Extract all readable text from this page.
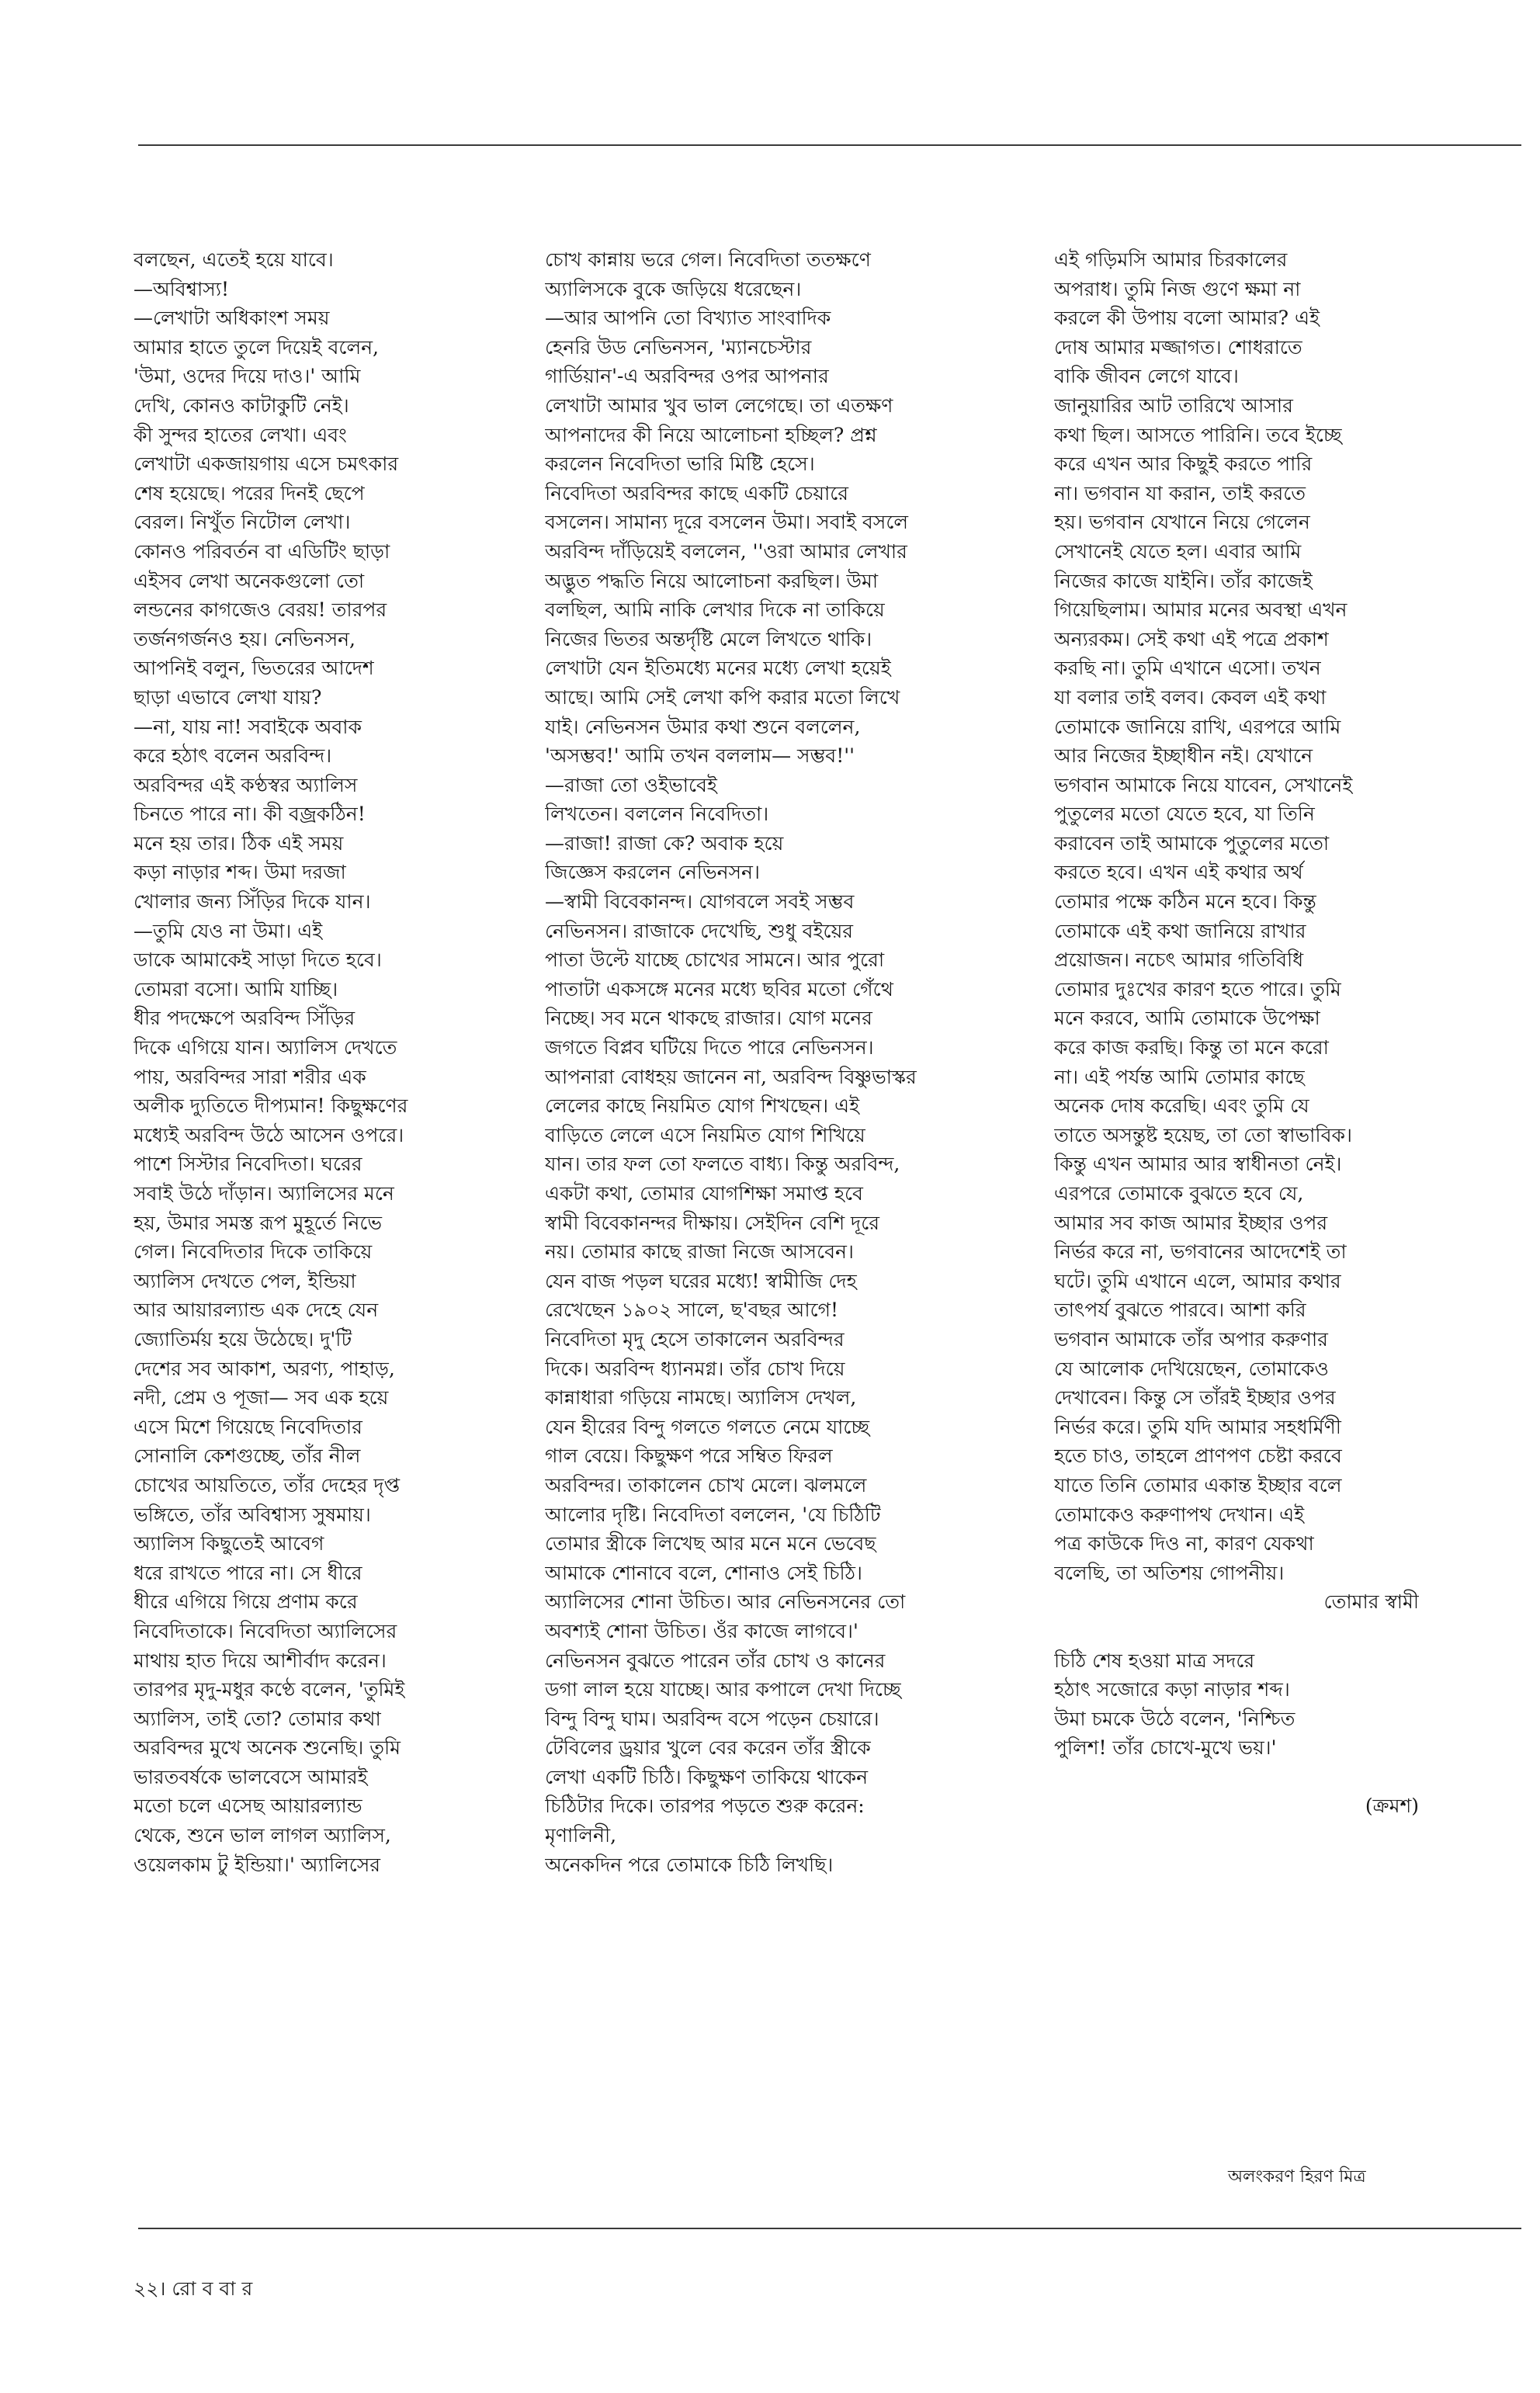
বলছেন, এতেই হয়ে যাবে।
—অবিশ্বাস্য!
—লেখাটা অধিকাংশ সময়
আমার হাতে তুলে দিয়েই বলেন,
'উমা, ওদের দিয়ে দাও।' আমি
দেখি, কোনও কাটাকুটি নেই।
কী সুন্দর হাতের লেখা। এবং
লেখাটা একজায়গায় এসে চমৎকার
শেষ হয়েছে। পরের দিনই ছেপে
বেরল। নিখুঁত নিটোল লেখা।
কোনও পরিবর্তন বা এডিটিং ছাড়া
এইসব লেখা অনেকগুলো তো
লন্ডনের কাগজেও বেরয়! তারপর
তর্জনগর্জনও হয়। নেভিনসন,
আপনিই বলুন, ভিতরের আদেশ
ছাড়া এভাবে লেখা যায়?
—না, যায় না! সবাইকে অবাক
করে হঠাৎ বলেন অরবিন্দ।
অরবিন্দর এই কণ্ঠস্বর অ্যালিস
চিনতে পারে না। কী বজ্রকঠিন!
মনে হয় তার। ঠিক এই সময়
কড়া নাড়ার শব্দ। উমা দরজা
খোলার জন্য সিঁড়ির দিকে যান।
—তুমি যেও না উমা। এই
ডাকে আমাকেই সাড়া দিতে হবে।
তোমরা বসো। আমি যাচ্ছি।
ধীর পদক্ষেপে অরবিন্দ সিঁড়ির
দিকে এগিয়ে যান। অ্যালিস দেখতে
পায়, অরবিন্দর সারা শরীর এক
অলীক দ্যুতিতে দীপ্যমান! কিছুক্ষণের
মধ্যেই অরবিন্দ উঠে আসেন ওপরে।
পাশে সিস্টার নিবেদিতা। ঘরের
সবাই উঠে দাঁড়ান। অ্যালিসের মনে
হয়, উমার সমস্ত রূপ মুহূর্তে নিভে
গেল। নিবেদিতার দিকে তাকিয়ে
অ্যালিস দেখতে পেল, ইন্ডিয়া
আর আয়ারল্যান্ড এক দেহে যেন
জ্যোতির্ময় হয়ে উঠেছে। দু'টি
দেশের সব আকাশ, অরণ্য, পাহাড়,
নদী, প্রেম ও পূজা— সব এক হয়ে
এসে মিশে গিয়েছে নিবেদিতার
সোনালি কেশগুচ্ছে, তাঁর নীল
চোখের আয়তিতে, তাঁর দেহের দৃপ্ত
ভঙ্গিতে, তাঁর অবিশ্বাস্য সুষমায়।
অ্যালিস কিছুতেই আবেগ
ধরে রাখতে পারে না। সে ধীরে
ধীরে এগিয়ে গিয়ে প্রণাম করে
নিবেদিতাকে। নিবেদিতা অ্যালিসের
মাথায় হাত দিয়ে আশীর্বাদ করেন।
তারপর মৃদু-মধুর কণ্ঠে বলেন, 'তুমিই
অ্যালিস, তাই তো? তোমার কথা
অরবিন্দর মুখে অনেক শুনেছি। তুমি
ভারতবর্ষকে ভালবেসে আমারই
মতো চলে এসেছ আয়ারল্যান্ড
থেকে, শুনে ভাল লাগল অ্যালিস,
ওয়েলকাম টু ইন্ডিয়া।' অ্যালিসের
চোখ কান্নায় ভরে গেল। নিবেদিতা ততক্ষণে
অ্যালিসকে বুকে জড়িয়ে ধরেছেন।
—আর আপনি তো বিখ্যাত সাংবাদিক
হেনরি উড নেভিনসন, 'ম্যানচেস্টার
গার্ডিয়ান'-এ অরবিন্দর ওপর আপনার
লেখাটা আমার খুব ভাল লেগেছে। তা এতক্ষণ
আপনাদের কী নিয়ে আলোচনা হচ্ছিল? প্রশ্ন
করলেন নিবেদিতা ভারি মিষ্টি হেসে।
নিবেদিতা অরবিন্দর কাছে একটি চেয়ারে
বসলেন। সামান্য দূরে বসলেন উমা। সবাই বসলে
অরবিন্দ দাঁড়িয়েই বললেন, ''ওরা আমার লেখার
অদ্ভুত পদ্ধতি নিয়ে আলোচনা করছিল। উমা
বলছিল, আমি নাকি লেখার দিকে না তাকিয়ে
নিজের ভিতর অন্তর্দৃষ্টি মেলে লিখতে থাকি।
লেখাটা যেন ইতিমধ্যে মনের মধ্যে লেখা হয়েই
আছে। আমি সেই লেখা কপি করার মতো লিখে
যাই। নেভিনসন উমার কথা শুনে বললেন,
'অসম্ভব!' আমি তখন বললাম— সম্ভব!''
—রাজা তো ওইভাবেই
লিখতেন। বললেন নিবেদিতা।
—রাজা! রাজা কে? অবাক হয়ে
জিজ্ঞেস করলেন নেভিনসন।
—স্বামী বিবেকানন্দ। যোগবলে সবই সম্ভব
নেভিনসন। রাজাকে দেখেছি, শুধু বইয়ের
পাতা উল্টে যাচ্ছে চোখের সামনে। আর পুরো
পাতাটা একসঙ্গে মনের মধ্যে ছবির মতো গেঁথে
নিচ্ছে। সব মনে থাকছে রাজার। যোগ মনের
জগতে বিপ্লব ঘটিয়ে দিতে পারে নেভিনসন।
আপনারা বোধহয় জানেন না, অরবিন্দ বিষ্ণুভাস্কর
লেলের কাছে নিয়মিত যোগ শিখছেন। এই
বাড়িতে লেলে এসে নিয়মিত যোগ শিখিয়ে
যান। তার ফল তো ফলতে বাধ্য। কিন্তু অরবিন্দ,
একটা কথা, তোমার যোগশিক্ষা সমাপ্ত হবে
স্বামী বিবেকানন্দর দীক্ষায়। সেইদিন বেশি দূরে
নয়। তোমার কাছে রাজা নিজে আসবেন।
যেন বাজ পড়ল ঘরের মধ্যে! স্বামীজি দেহ
রেখেছেন ১৯০২ সালে, ছ'বছর আগে!
নিবেদিতা মৃদু হেসে তাকালেন অরবিন্দর
দিকে। অরবিন্দ ধ্যানমগ্ন। তাঁর চোখ দিয়ে
কান্নাধারা গড়িয়ে নামছে। অ্যালিস দেখল,
যেন হীরের বিন্দু গলতে গলতে নেমে যাচ্ছে
গাল বেয়ে। কিছুক্ষণ পরে সম্বিত ফিরল
অরবিন্দর। তাকালেন চোখ মেলে। ঝলমলে
আলোর দৃষ্টি। নিবেদিতা বললেন, 'যে চিঠিটি
তোমার স্ত্রীকে লিখেছ আর মনে মনে ভেবেছ
আমাকে শোনাবে বলে, শোনাও সেই চিঠি।
অ্যালিসের শোনা উচিত। আর নেভিনসনের তো
অবশ্যই শোনা উচিত। ওঁর কাজে লাগবে।'
নেভিনসন বুঝতে পারেন তাঁর চোখ ও কানের
ডগা লাল হয়ে যাচ্ছে। আর কপালে দেখা দিচ্ছে
বিন্দু বিন্দু ঘাম। অরবিন্দ বসে পড়েন চেয়ারে।
টেবিলের ড্রয়ার খুলে বের করেন তাঁর স্ত্রীকে
লেখা একটি চিঠি। কিছুক্ষণ তাকিয়ে থাকেন
চিঠিটার দিকে। তারপর পড়তে শুরু করেন:
মৃণালিনী,
অনেকদিন পরে তোমাকে চিঠি লিখছি।
এই গড়িমসি আমার চিরকালের
অপরাধ। তুমি নিজ গুণে ক্ষমা না
করলে কী উপায় বলো আমার? এই
দোষ আমার মজ্জাগত। শোধরাতে
বাকি জীবন লেগে যাবে।
জানুয়ারির আট তারিখে আসার
কথা ছিল। আসতে পারিনি। তবে ইচ্ছে
করে এখন আর কিছুই করতে পারি
না। ভগবান যা করান, তাই করতে
হয়। ভগবান যেখানে নিয়ে গেলেন
সেখানেই যেতে হল। এবার আমি
নিজের কাজে যাইনি। তাঁর কাজেই
গিয়েছিলাম। আমার মনের অবস্থা এখন
অন্যরকম। সেই কথা এই পত্রে প্রকাশ
করছি না। তুমি এখানে এসো। তখন
যা বলার তাই বলব। কেবল এই কথা
তোমাকে জানিয়ে রাখি, এরপরে আমি
আর নিজের ইচ্ছাধীন নই। যেখানে
ভগবান আমাকে নিয়ে যাবেন, সেখানেই
পুতুলের মতো যেতে হবে, যা তিনি
করাবেন তাই আমাকে পুতুলের মতো
করতে হবে। এখন এই কথার অর্থ
তোমার পক্ষে কঠিন মনে হবে। কিন্তু
তোমাকে এই কথা জানিয়ে রাখার
প্রয়োজন। নচেৎ আমার গতিবিধি
তোমার দুঃখের কারণ হতে পারে। তুমি
মনে করবে, আমি তোমাকে উপেক্ষা
করে কাজ করছি। কিন্তু তা মনে করো
না। এই পর্যন্ত আমি তোমার কাছে
অনেক দোষ করেছি। এবং তুমি যে
তাতে অসন্তুষ্ট হয়েছ, তা তো স্বাভাবিক।
কিন্তু এখন আমার আর স্বাধীনতা নেই।
এরপরে তোমাকে বুঝতে হবে যে,
আমার সব কাজ আমার ইচ্ছার ওপর
নির্ভর করে না, ভগবানের আদেশেই তা
ঘটে। তুমি এখানে এলে, আমার কথার
তাৎপর্য বুঝতে পারবে। আশা করি
ভগবান আমাকে তাঁর অপার করুণার
যে আলোক দেখিয়েছেন, তোমাকেও
দেখাবেন। কিন্তু সে তাঁরই ইচ্ছার ওপর
নির্ভর করে। তুমি যদি আমার সহধর্মিণী
হতে চাও, তাহলে প্রাণপণ চেষ্টা করবে
যাতে তিনি তোমার একান্ত ইচ্ছার বলে
তোমাকেও করুণাপথ দেখান। এই
পত্র কাউকে দিও না, কারণ যেকথা
বলেছি, তা অতিশয় গোপনীয়।
তোমার স্বামী
চিঠি শেষ হওয়া মাত্র সদরে
হঠাৎ সজোরে কড়া নাড়ার শব্দ।
উমা চমকে উঠে বলেন, 'নিশ্চিত
পুলিশ! তাঁর চোখে-মুখে ভয়।'
(ক্রমশ)
অলংকরণ হিরণ মিত্র
২২। রো ব বা র
